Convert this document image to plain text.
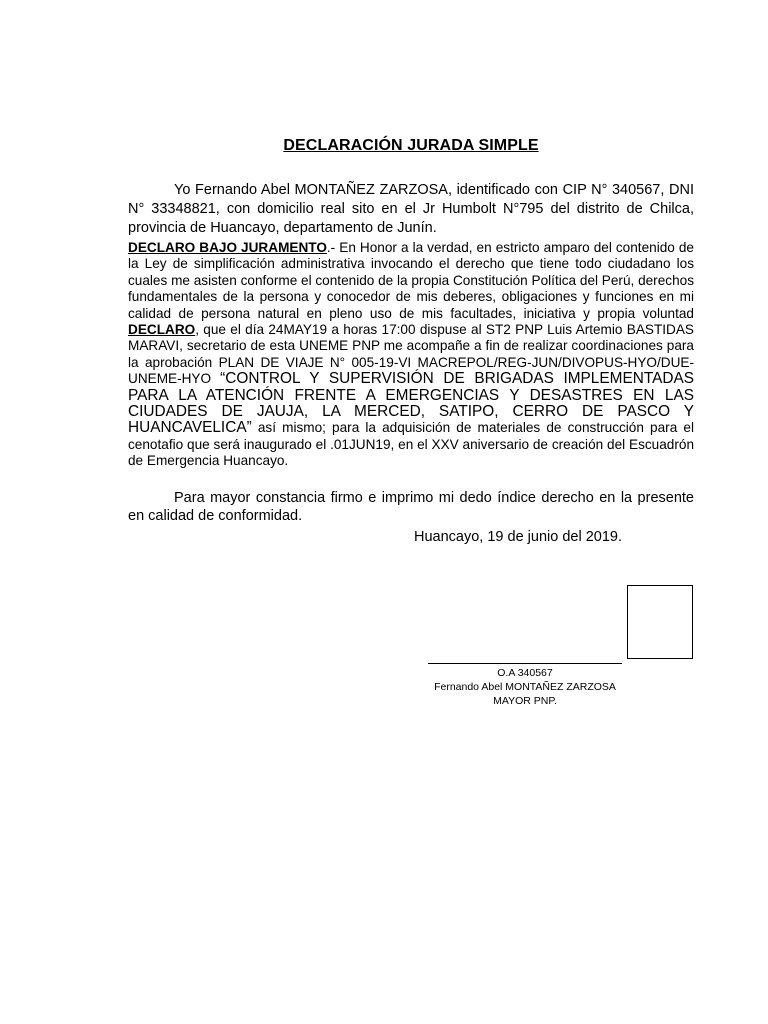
DECLARACIÓN JURADA SIMPLE

Yo Fernando Abel MONTAÑEZ ZARZOSA, identificado con CIP N° 340567, DNI N° 33348821, con domicilio real sito en el Jr Humbolt N°795 del distrito de Chilca, provincia de Huancayo, departamento de Junín.

DECLARO BAJO JURAMENTO.- En Honor a la verdad, en estricto amparo del contenido de la Ley de simplificación administrativa invocando el derecho que tiene todo ciudadano los cuales me asisten conforme el contenido de la propia Constitución Política del Perú, derechos fundamentales de la persona y conocedor de mis deberes, obligaciones y funciones en mi calidad de persona natural en pleno uso de mis facultades, iniciativa y propia voluntad DECLARO, que el día 24MAY19 a horas 17:00 dispuse al ST2 PNP Luis Artemio BASTIDAS MARAVI, secretario de esta UNEME PNP me acompañe a fin de realizar coordinaciones para la aprobación PLAN DE VIAJE N° 005-19-VI MACREPOL/REG-JUN/DIVOPUS-HYO/DUE-UNEME-HYO “CONTROL Y SUPERVISIÓN DE BRIGADAS IMPLEMENTADAS PARA LA ATENCIÓN FRENTE A EMERGENCIAS Y DESASTRES EN LAS CIUDADES DE JAUJA, LA MERCED, SATIPO, CERRO DE PASCO Y HUANCAVELICA” así mismo; para la adquisición de materiales de construcción para el cenotafio que será inaugurado el .01JUN19, en el XXV aniversario de creación del Escuadrón de Emergencia Huancayo.

Para mayor constancia firmo e imprimo mi dedo índice derecho en la presente en calidad de conformidad.

Huancayo, 19 de junio del 2019.
O.A 340567
Fernando Abel MONTAÑEZ ZARZOSA
MAYOR PNP.
